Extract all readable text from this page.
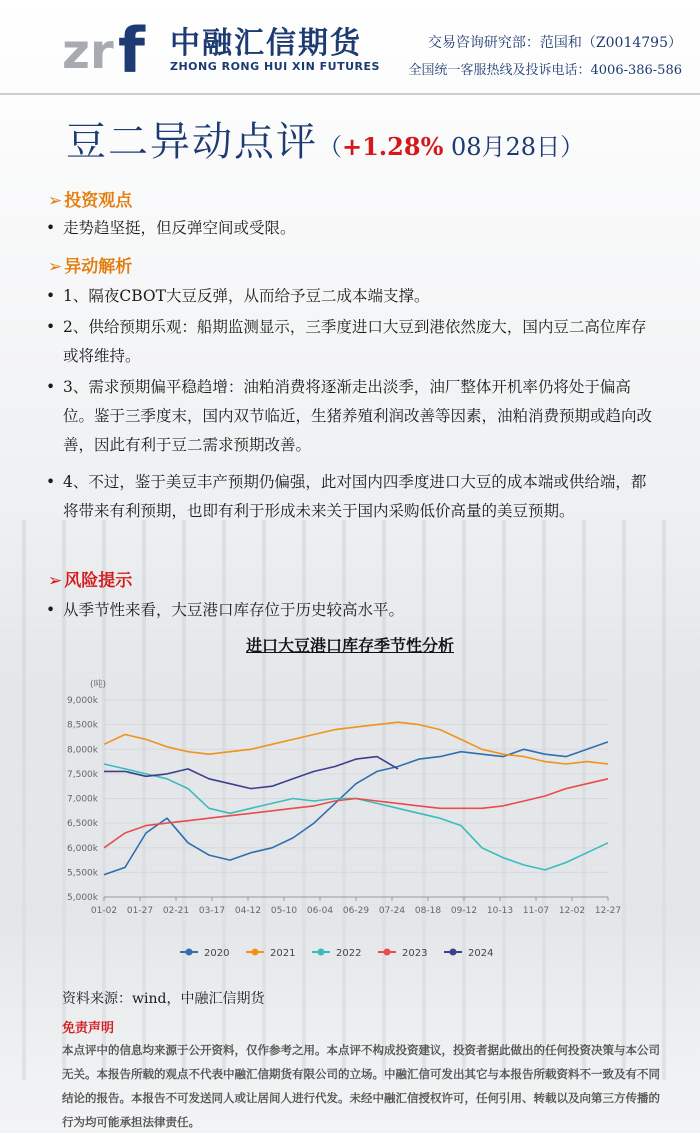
zr f 中融汇信期货
ZHONG RONG HUI XIN FUTURES
交易咨询研究部：范国和（Z0014795）
全国统一客服热线及投诉电话：4006-386-586
豆二异动点评（+1.28% 08月28日）
➢ 投资观点
• 走势趋坚挺，但反弹空间或受限。
➢ 异动解析
• 1、隔夜CBOT大豆反弹，从而给予豆二成本端支撑。
• 2、供给预期乐观：船期监测显示，三季度进口大豆到港依然庞大，国内豆二高位库存或将维持。
• 3、需求预期偏平稳趋增：油粕消费将逐渐走出淡季，油厂整体开机率仍将处于偏高位。鉴于三季度末，国内双节临近，生猪养殖利润改善等因素，油粕消费预期或趋向改善，因此有利于豆二需求预期改善。
• 4、不过，鉴于美豆丰产预期仍偏强，此对国内四季度进口大豆的成本端或供给端，都将带来有利预期，也即有利于形成未来关于国内采购低价高量的美豆预期。
➢ 风险提示
• 从季节性来看，大豆港口库存位于历史较高水平。
进口大豆港口库存季节性分析
(吨)
5,000k
5,500k
6,000k
6,500k
7,000k
7,500k
8,000k
8,500k
9,000k
01-02 01-27 02-21 03-17 04-12 05-10 06-04 06-29 07-24 08-18 09-12 10-13 11-07 12-02 12-27
2020	2021	2022	2023	2024
资料来源：wind，中融汇信期货
免责声明
本点评中的信息均来源于公开资料，仅作参考之用。本点评不构成投资建议，投资者据此做出的任何投资决策与本公司无关。本报告所载的观点不代表中融汇信期货有限公司的立场。中融汇信可发出其它与本报告所载资料不一致及有不同结论的报告。本报告不可发送同人或让居间人进行代发。未经中融汇信授权许可，任何引用、转载以及向第三方传播的行为均可能承担法律责任。
